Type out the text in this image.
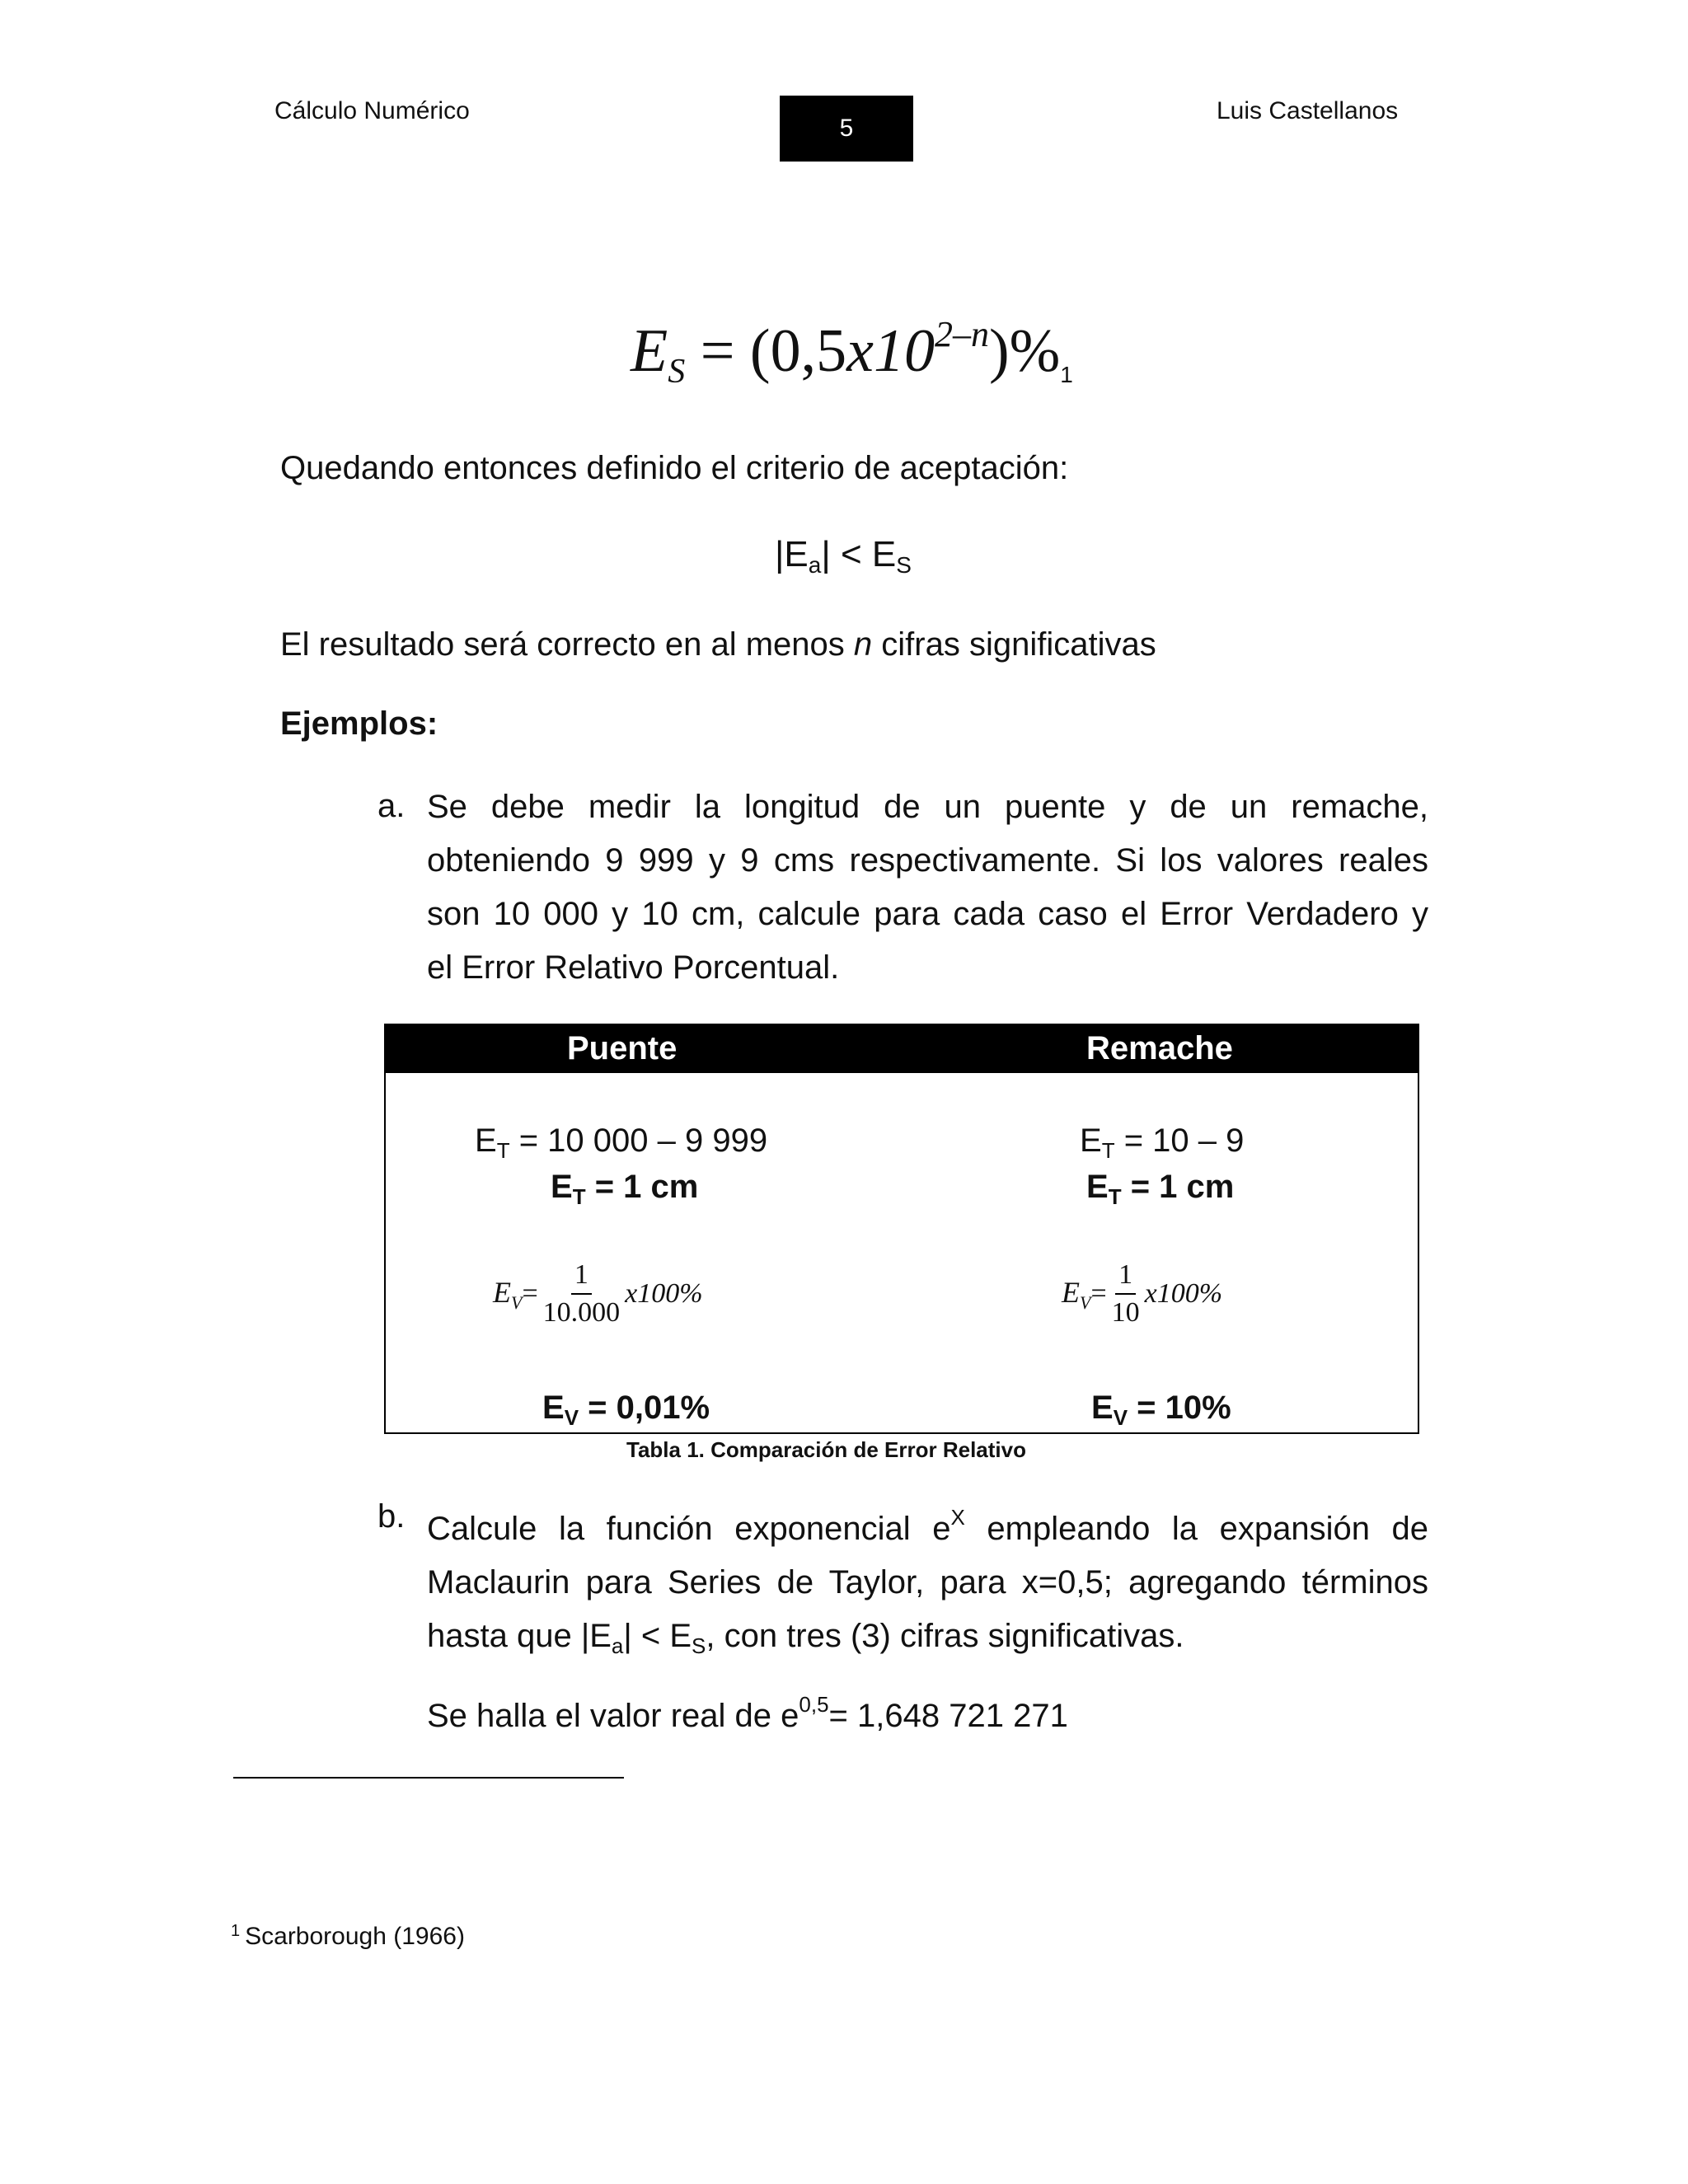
Cálculo Numérico
5
Luis Castellanos
$E_S = (0,5x10^{2-n})\%1$
Quedando entonces definido el criterio de aceptación:
$|E_a| < E_S$
El resultado será correcto en al menos n cifras significativas
Ejemplos:
a. Se debe medir la longitud de un puente y de un remache,
obteniendo 9 999 y 9 cms respectivamente. Si los valores reales
son 10 000 y 10 cm, calcule para cada caso el Error Verdadero y
el Error Relativo Porcentual.
Puente	Remache
$E_T = 10$ 000 – 9 999
$E_T = 1$ cm
$E_V = \frac{1}{10.000} x100\%$
$E_V = 0,01\%$
$E_T = 10 - 9$
$E_T = 1$ cm
$E_V = \frac{1}{10} x100\%$
$E_V = 10\%$
Tabla 1. Comparación de Error Relativo
b. Calcule la función exponencial $e^X$ empleando la expansión de
Maclaurin para Series de Taylor, para x=0,5; agregando términos
hasta que $|E_a| < E_S$, con tres (3) cifras significativas.
Se halla el valor real de $e^{0,5}= 1,648$ 721 271
$^1$ Scarborough (1966)
